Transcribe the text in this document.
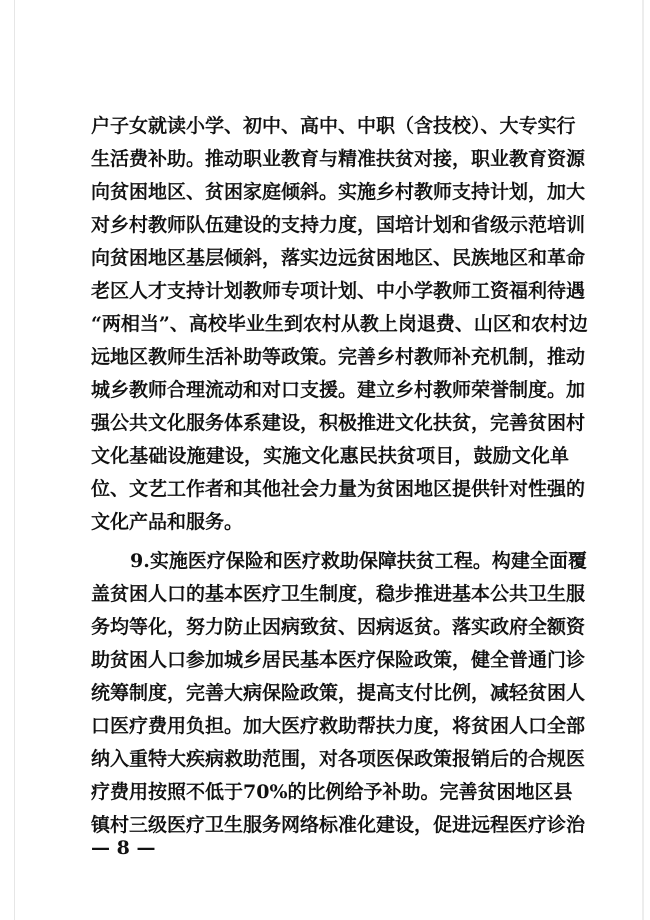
户子女就读小学、初中、高中、中职（含技校）、大专实行
生活费补助。推动职业教育与精准扶贫对接，职业教育资源
向贫困地区、贫困家庭倾斜。实施乡村教师支持计划，加大
对乡村教师队伍建设的支持力度，国培计划和省级示范培训
向贫困地区基层倾斜，落实边远贫困地区、民族地区和革命
老区人才支持计划教师专项计划、中小学教师工资福利待遇
“两相当”、高校毕业生到农村从教上岗退费、山区和农村边
远地区教师生活补助等政策。完善乡村教师补充机制，推动
城乡教师合理流动和对口支援。建立乡村教师荣誉制度。加
强公共文化服务体系建设，积极推进文化扶贫，完善贫困村
文化基础设施建设，实施文化惠民扶贫项目，鼓励文化单
位、文艺工作者和其他社会力量为贫困地区提供针对性强的
文化产品和服务。
9.实施医疗保险和医疗救助保障扶贫工程。构建全面覆
盖贫困人口的基本医疗卫生制度，稳步推进基本公共卫生服
务均等化，努力防止因病致贫、因病返贫。落实政府全额资
助贫困人口参加城乡居民基本医疗保险政策，健全普通门诊
统筹制度，完善大病保险政策，提高支付比例，减轻贫困人
口医疗费用负担。加大医疗救助帮扶力度，将贫困人口全部
纳入重特大疾病救助范围，对各项医保政策报销后的合规医
疗费用按照不低于70%的比例给予补助。完善贫困地区县
镇村三级医疗卫生服务网络标准化建设，促进远程医疗诊治
— 8 —
